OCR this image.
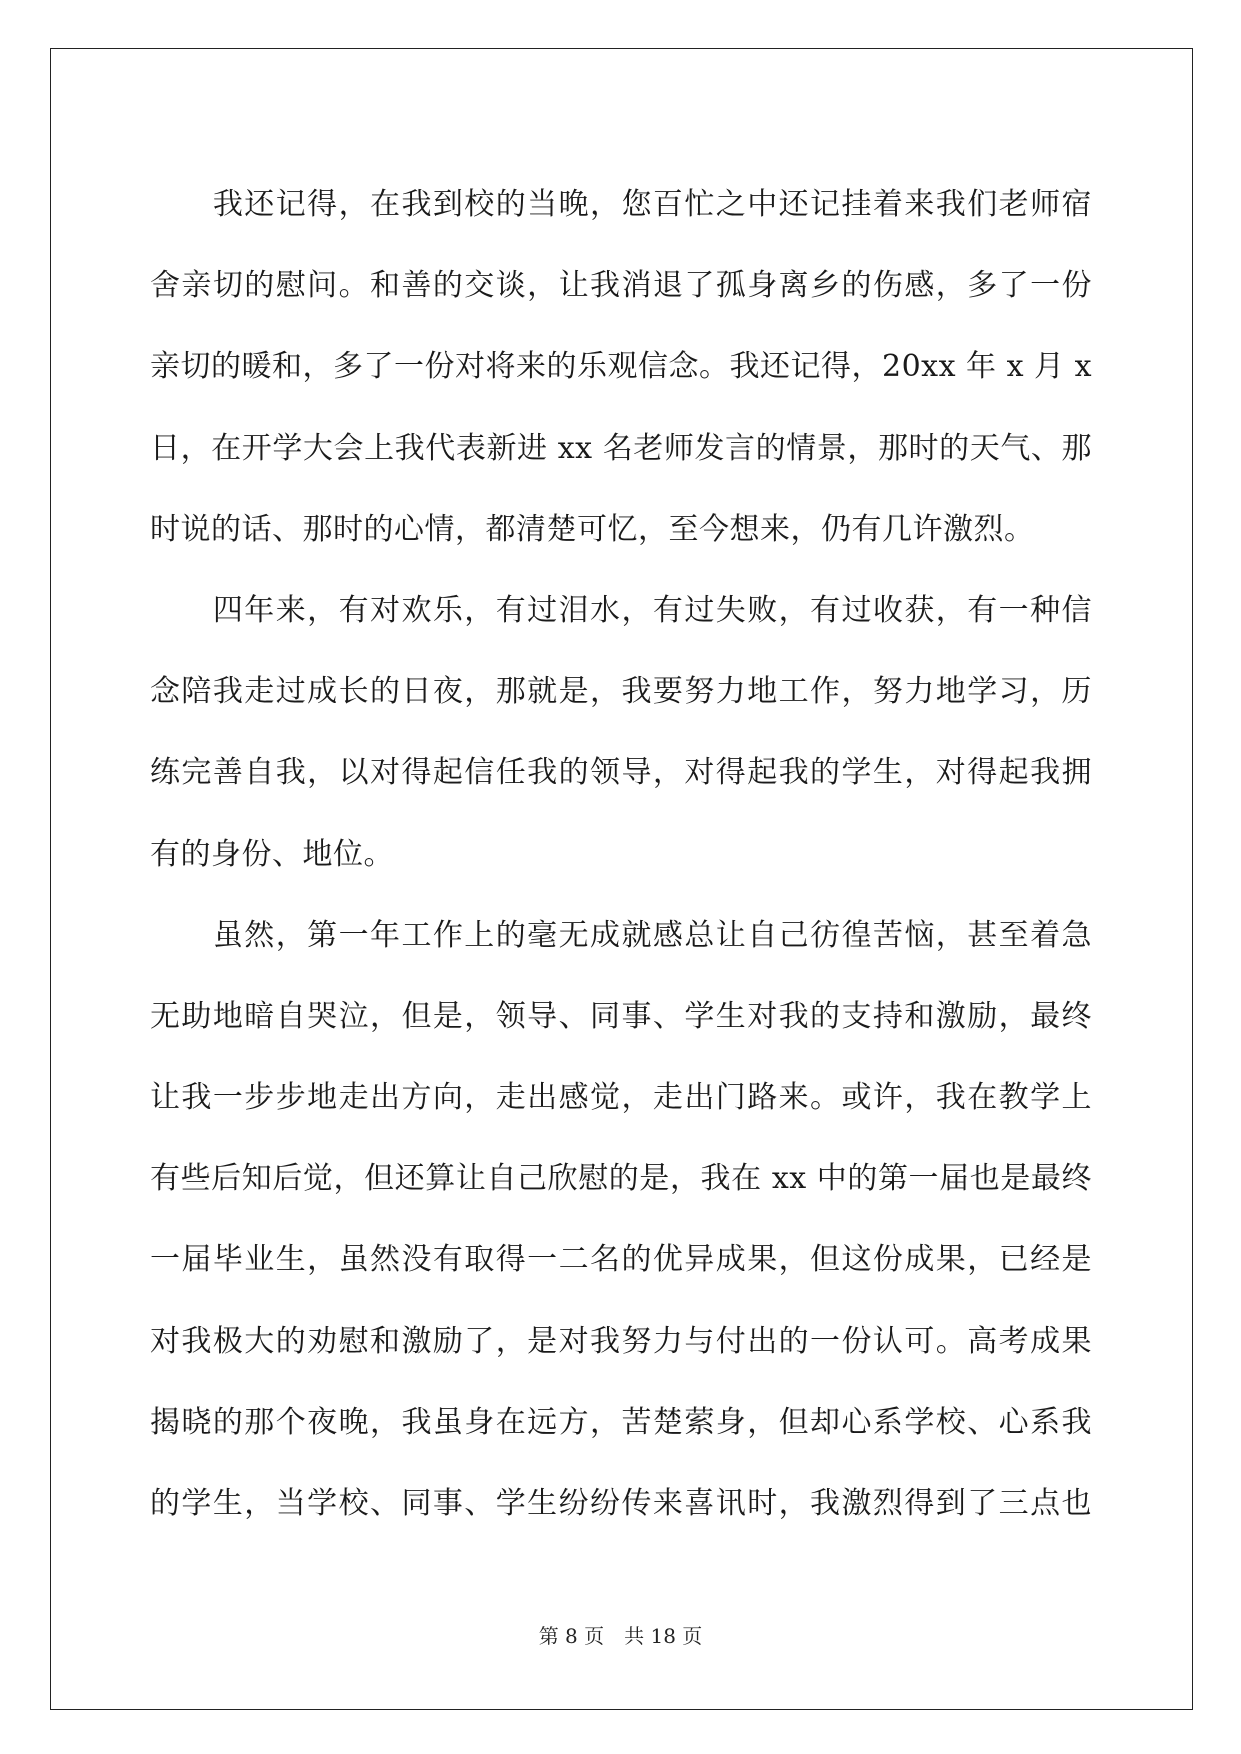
　　我还记得，在我到校的当晚，您百忙之中还记挂着来我们老师宿
舍亲切的慰问。和善的交谈，让我消退了孤身离乡的伤感，多了一份
亲切的暖和，多了一份对将来的乐观信念。我还记得，20xx 年 x 月 x
日，在开学大会上我代表新进 xx 名老师发言的情景，那时的天气、那
时说的话、那时的心情，都清楚可忆，至今想来，仍有几许激烈。

　　四年来，有对欢乐，有过泪水，有过失败，有过收获，有一种信
念陪我走过成长的日夜，那就是，我要努力地工作，努力地学习，历
练完善自我，以对得起信任我的领导，对得起我的学生，对得起我拥
有的身份、地位。

　　虽然，第一年工作上的毫无成就感总让自己彷徨苦恼，甚至着急
无助地暗自哭泣，但是，领导、同事、学生对我的支持和激励，最终
让我一步步地走出方向，走出感觉，走出门路来。或许，我在教学上
有些后知后觉，但还算让自己欣慰的是，我在 xx 中的第一届也是最终
一届毕业生，虽然没有取得一二名的优异成果，但这份成果，已经是
对我极大的劝慰和激励了，是对我努力与付出的一份认可。高考成果
揭晓的那个夜晚，我虽身在远方，苦楚萦身，但却心系学校、心系我
的学生，当学校、同事、学生纷纷传来喜讯时，我激烈得到了三点也

第 8 页 共 18 页
